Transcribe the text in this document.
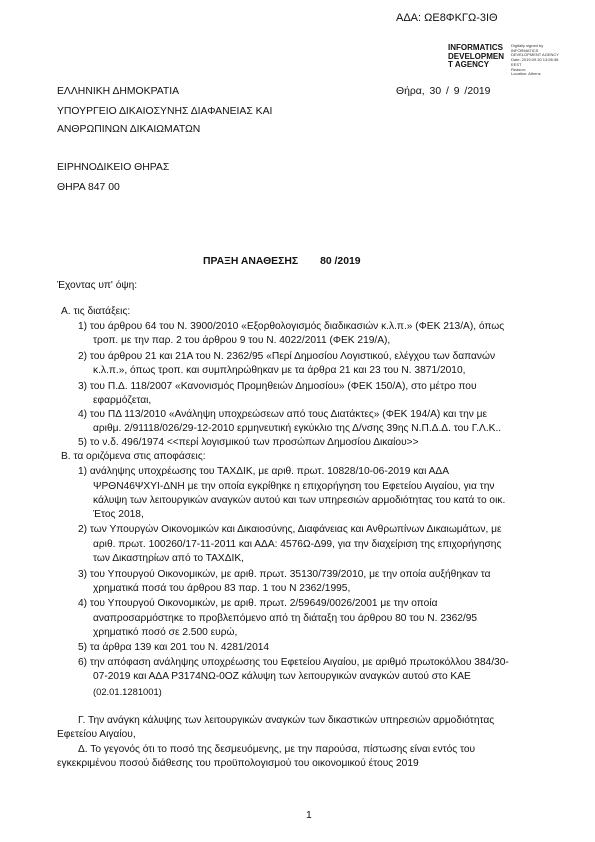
ΑΔΑ: ΩΕ8ΦΚΓΩ-3ΙΘ
INFORMATICS
DEVELOPMEN
T AGENCY
Digitally signed by
INFORMATICS
DEVELOPMENT AGENCY
Date: 2019.09.30 13:56:38
EEST
Reason:
Location: Athens
ΕΛΛΗΝΙΚΗ ΔΗΜΟΚΡΑΤΙΑ
ΥΠΟΥΡΓΕΙΟ ΔΙΚΑΙΟΣΥΝΗΣ ΔΙΑΦΑΝΕΙΑΣ ΚΑΙ
ΑΝΘΡΩΠΙΝΩΝ ΔΙΚΑΙΩΜΑΤΩΝ
ΕΙΡΗΝΟΔΙΚΕΙΟ ΘΗΡΑΣ
ΘΗΡΑ 847 00
Θήρα, 30 / 9 /2019
ΠΡΑΞΗ ΑΝΑΘΕΣΗΣ 80 /2019
Έχοντας υπ' όψη:
Α. τις διατάξεις:
1) του άρθρου 64 του Ν. 3900/2010 «Εξορθολογισμός διαδικασιών κ.λ.π.» (ΦΕΚ 213/Α), όπως
τροπ. με την παρ. 2 του άρθρου 9 του Ν. 4022/2011 (ΦΕΚ 219/Α),
2) του άρθρου 21 και 21Α του Ν. 2362/95 «Περί Δημοσίου Λογιστικού, ελέγχου των δαπανών
κ.λ.π.», όπως τροπ. και συμπληρώθηκαν με τα άρθρα 21 και 23 του Ν. 3871/2010,
3) του Π.Δ. 118/2007 «Κανονισμός Προμηθειών Δημοσίου» (ΦΕΚ 150/Α), στο μέτρο που
εφαρμόζεται,
4) του ΠΔ 113/2010 «Ανάληψη υποχρεώσεων από τους Διατάκτες» (ΦΕΚ 194/Α) και την με
αριθμ. 2/91118/026/29-12-2010 ερμηνευτική εγκύκλιο της Δ/νσης 39ης Ν.Π.Δ.Δ. του Γ.Λ.Κ..
5) το ν.δ. 496/1974 <<περί λογισμικού των προσώπων Δημοσίου Δικαίου>>
Β. τα οριζόμενα στις αποφάσεις:
1) ανάληψης υποχρέωσης του ΤΑΧΔΙΚ, με αριθ. πρωτ. 10828/10-06-2019 και ΑΔΑ
ΨΡΘΝ46ΨΧΥΙ-ΔΝΗ με την οποία εγκρίθηκε η επιχορήγηση του Εφετείου Αιγαίου, για την
κάλυψη των λειτουργικών αναγκών αυτού και των υπηρεσιών αρμοδιότητας του κατά το οικ.
Έτος 2018,
2) των Υπουργών Οικονομικών και Δικαιοσύνης, Διαφάνειας και Ανθρωπίνων Δικαιωμάτων, με
αριθ. πρωτ. 100260/17-11-2011 και ΑΔΑ: 4576Ω-Δ99, για την διαχείριση της επιχορήγησης
των Δικαστηρίων από το ΤΑΧΔΙΚ,
3) του Υπουργού Οικονομικών, με αριθ. πρωτ. 35130/739/2010, με την οποία αυξήθηκαν τα
χρηματικά ποσά του άρθρου 83 παρ. 1 του Ν 2362/1995,
4) του Υπουργού Οικονομικών, με αριθ. πρωτ. 2/59649/0026/2001 με την οποία
αναπροσαρμόστηκε το προβλεπόμενο από τη διάταξη του άρθρου 80 του Ν. 2362/95
χρηματικό ποσό σε 2.500 ευρώ,
5) τα άρθρα 139 και 201 του Ν. 4281/2014
6) την απόφαση ανάληψης υποχρέωσης του Εφετείου Αιγαίου, με αριθμό πρωτοκόλλου 384/30-
07-2019 και ΑΔΑ Ρ3174ΝΩ-0ΟΖ κάλυψη των λειτουργικών αναγκών αυτού στο ΚΑΕ
(02.01.1281001)
Γ. Την ανάγκη κάλυψης των λειτουργικών αναγκών των δικαστικών υπηρεσιών αρμοδιότητας
Εφετείου Αιγαίου,
Δ. Το γεγονός ότι το ποσό της δεσμευόμενης, με την παρούσα, πίστωσης είναι εντός του
εγκεκριμένου ποσού διάθεσης του προϋπολογισμού του οικονομικού έτους 2019
1
